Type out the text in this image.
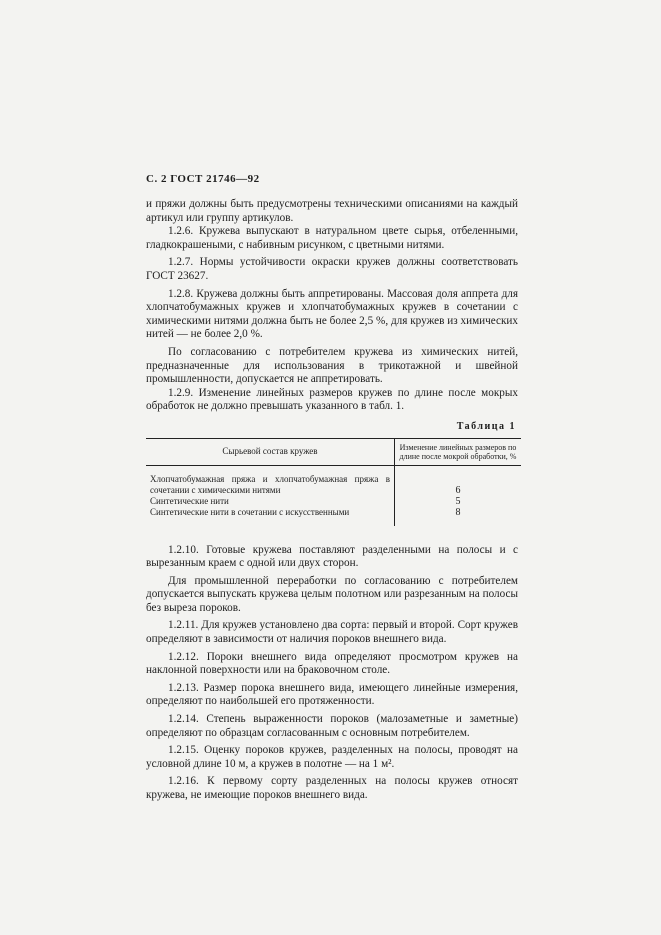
С. 2 ГОСТ 21746—92

и пряжи должны быть предусмотрены техническими описаниями на каждый артикул или группу артикулов.

1.2.6. Кружева выпускают в натуральном цвете сырья, отбеленными, гладкокрашеными, с набивным рисунком, с цветными нитями.

1.2.7. Нормы устойчивости окраски кружев должны соответствовать ГОСТ 23627.

1.2.8. Кружева должны быть аппретированы. Массовая доля аппрета для хлопчатобумажных кружев и хлопчатобумажных кружев в сочетании с химическими нитями должна быть не более 2,5 %, для кружев из химических нитей — не более 2,0 %.

По согласованию с потребителем кружева из химических нитей, предназначенные для использования в трикотажной и швейной промышленности, допускается не аппретировать.

1.2.9. Изменение линейных размеров кружев по длине после мокрых обработок не должно превышать указанного в табл. 1.

Таблица 1
Сырьевой состав кружев	Изменение линейных размеров по длине после мокрой обработки, %
Хлопчатобумажная пряжа и хлопчатобумажная пряжа в сочетании с химическими нитями	6
Синтетические нити	5
Синтетические нити в сочетании с искусственными	8

1.2.10. Готовые кружева поставляют разделенными на полосы и с вырезанным краем с одной или двух сторон.

Для промышленной переработки по согласованию с потребителем допускается выпускать кружева целым полотном или разрезанным на полосы без выреза пороков.

1.2.11. Для кружев установлено два сорта: первый и второй. Сорт кружев определяют в зависимости от наличия пороков внешнего вида.

1.2.12. Пороки внешнего вида определяют просмотром кружев на наклонной поверхности или на браковочном столе.

1.2.13. Размер порока внешнего вида, имеющего линейные измерения, определяют по наибольшей его протяженности.

1.2.14. Степень выраженности пороков (малозаметные и заметные) определяют по образцам согласованным с основным потребителем.

1.2.15. Оценку пороков кружев, разделенных на полосы, проводят на условной длине 10 м, а кружев в полотне — на 1 м².

1.2.16. К первому сорту разделенных на полосы кружев относят кружева, не имеющие пороков внешнего вида.
